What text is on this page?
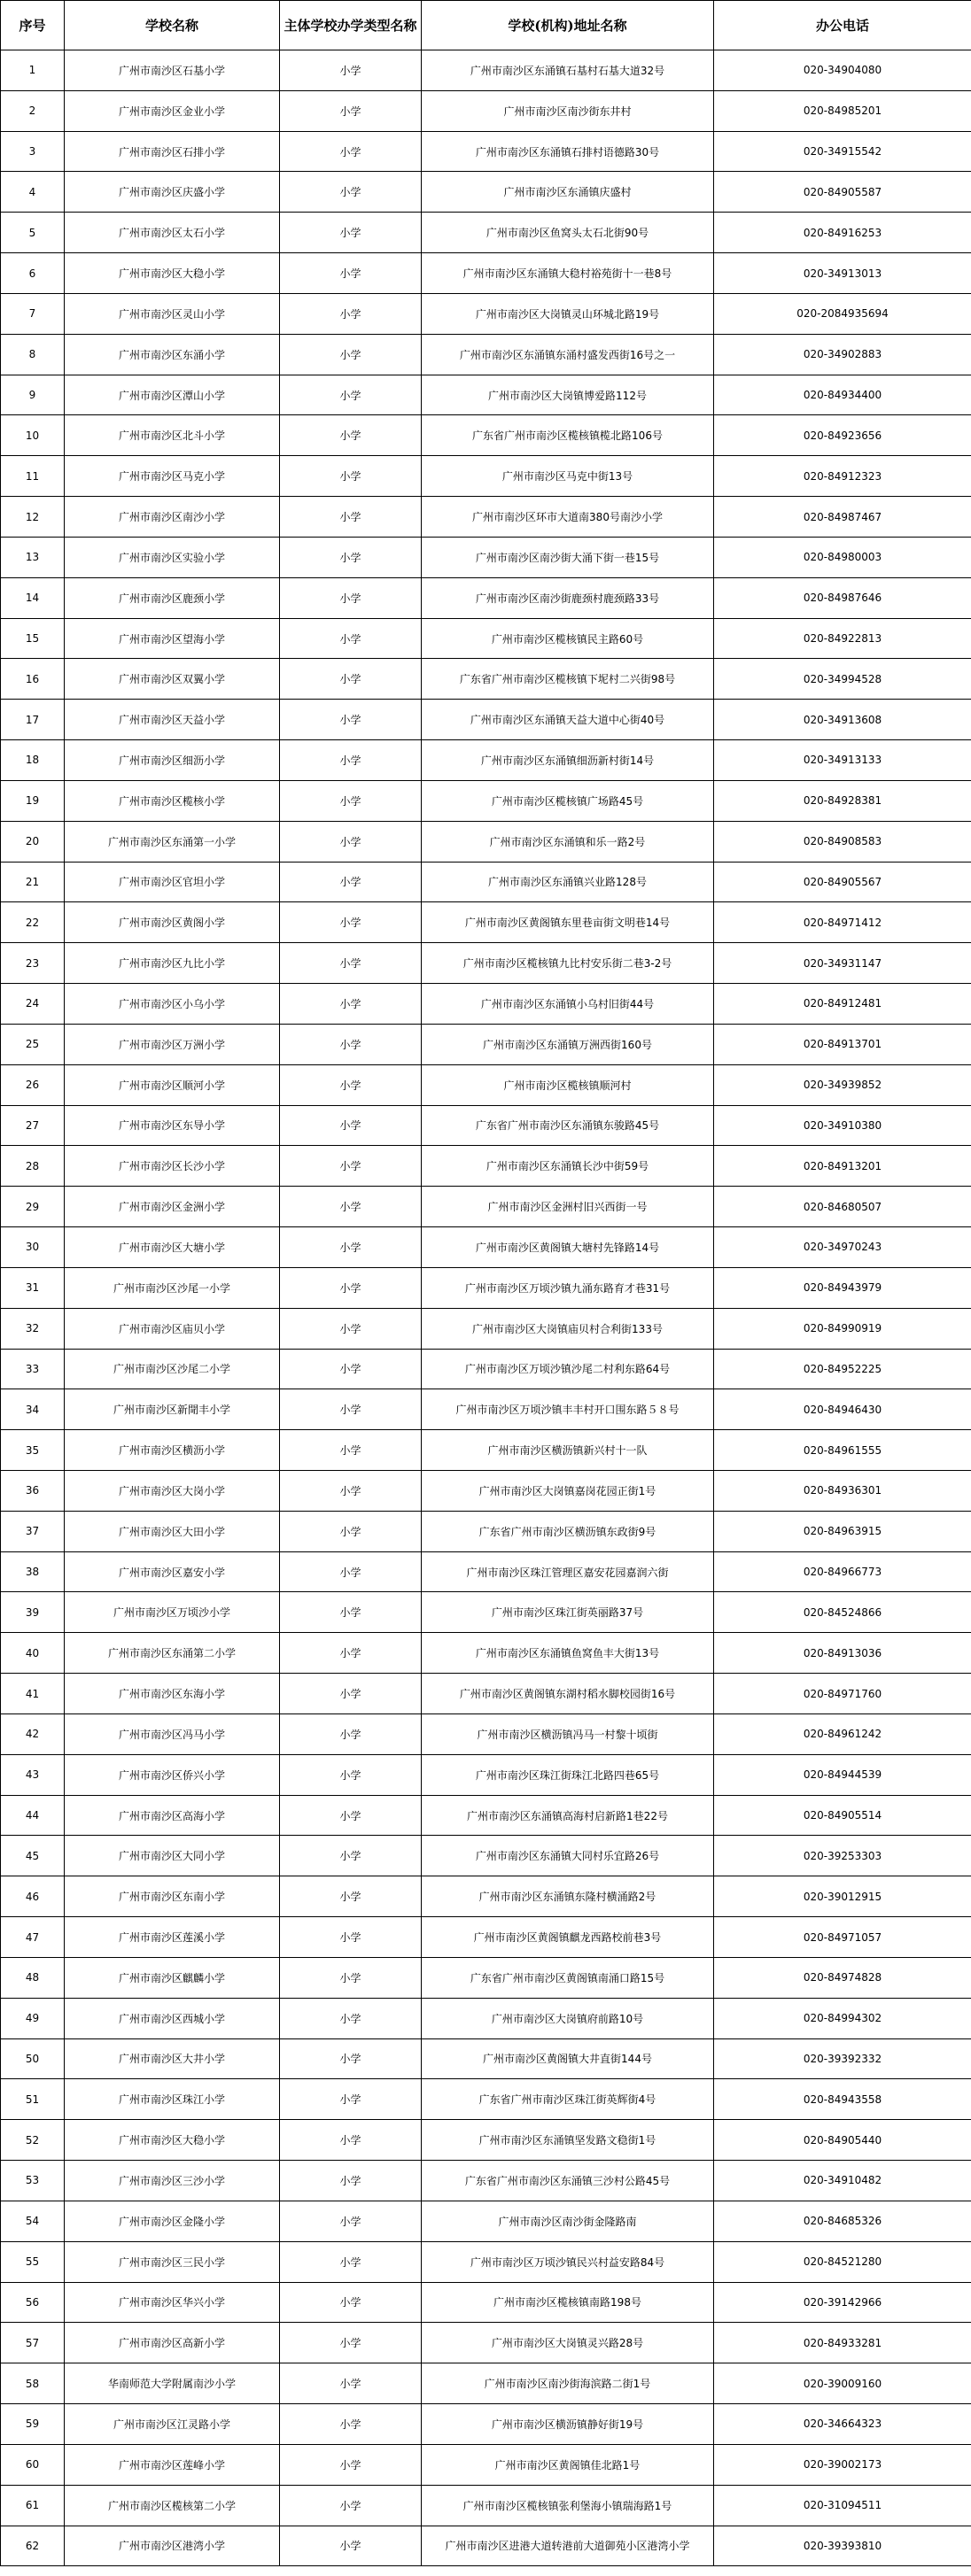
序号	学校名称	主体学校办学类型名称	学校(机构)地址名称	办公电话
1	广州市南沙区石基小学	小学	广州市南沙区东涌镇石基村石基大道32号	020-34904080
2	广州市南沙区金业小学	小学	广州市南沙区南沙街东井村	020-84985201
3	广州市南沙区石排小学	小学	广州市南沙区东涌镇石排村语德路30号	020-34915542
4	广州市南沙区庆盛小学	小学	广州市南沙区东涌镇庆盛村	020-84905587
5	广州市南沙区太石小学	小学	广州市南沙区鱼窝头太石北街90号	020-84916253
6	广州市南沙区大稳小学	小学	广州市南沙区东涌镇大稳村裕苑街十一巷8号	020-34913013
7	广州市南沙区灵山小学	小学	广州市南沙区大岗镇灵山环城北路19号	020-2084935694
8	广州市南沙区东涌小学	小学	广州市南沙区东涌镇东涌村盛发西街16号之一	020-34902883
9	广州市南沙区潭山小学	小学	广州市南沙区大岗镇博爱路112号	020-84934400
10	广州市南沙区北斗小学	小学	广东省广州市南沙区榄核镇榄北路106号	020-84923656
11	广州市南沙区马克小学	小学	广州市南沙区马克中街13号	020-84912323
12	广州市南沙区南沙小学	小学	广州市南沙区环市大道南380号南沙小学	020-84987467
13	广州市南沙区实验小学	小学	广州市南沙区南沙街大涌下街一巷15号	020-84980003
14	广州市南沙区鹿颈小学	小学	广州市南沙区南沙街鹿颈村鹿颈路33号	020-84987646
15	广州市南沙区望海小学	小学	广州市南沙区榄核镇民主路60号	020-84922813
16	广州市南沙区双翼小学	小学	广东省广州市南沙区榄核镇下坭村二兴街98号	020-34994528
17	广州市南沙区天益小学	小学	广州市南沙区东涌镇天益大道中心街40号	020-34913608
18	广州市南沙区细沥小学	小学	广州市南沙区东涌镇细沥新村街14号	020-34913133
19	广州市南沙区榄核小学	小学	广州市南沙区榄核镇广场路45号	020-84928381
20	广州市南沙区东涌第一小学	小学	广州市南沙区东涌镇和乐一路2号	020-84908583
21	广州市南沙区官坦小学	小学	广州市南沙区东涌镇兴业路128号	020-84905567
22	广州市南沙区黄阁小学	小学	广州市南沙区黄阁镇东里巷亩街文明巷14号	020-84971412
23	广州市南沙区九比小学	小学	广州市南沙区榄核镇九比村安乐街二巷3-2号	020-34931147
24	广州市南沙区小乌小学	小学	广州市南沙区东涌镇小乌村旧街44号	020-84912481
25	广州市南沙区万洲小学	小学	广州市南沙区东涌镇万洲西街160号	020-84913701
26	广州市南沙区顺河小学	小学	广州市南沙区榄核镇顺河村	020-34939852
27	广州市南沙区东导小学	小学	广东省广州市南沙区东涌镇东骏路45号	020-34910380
28	广州市南沙区长沙小学	小学	广州市南沙区东涌镇长沙中街59号	020-84913201
29	广州市南沙区金洲小学	小学	广州市南沙区金洲村旧兴西街一号	020-84680507
30	广州市南沙区大塘小学	小学	广州市南沙区黄阁镇大塘村先锋路14号	020-34970243
31	广州市南沙区沙尾一小学	小学	广州市南沙区万顷沙镇九涌东路育才巷31号	020-84943979
32	广州市南沙区庙贝小学	小学	广州市南沙区大岗镇庙贝村合利街133号	020-84990919
33	广州市南沙区沙尾二小学	小学	广州市南沙区万顷沙镇沙尾二村利东路64号	020-84952225
34	广州市南沙区新閜丰小学	小学	广州市南沙区万顷沙镇丰丰村开口围东路５８号	020-84946430
35	广州市南沙区横沥小学	小学	广州市南沙区横沥镇新兴村十一队	020-84961555
36	广州市南沙区大岗小学	小学	广州市南沙区大岗镇嘉岗花园正街1号	020-84936301
37	广州市南沙区大田小学	小学	广东省广州市南沙区横沥镇东政街9号	020-84963915
38	广州市南沙区嘉安小学	小学	广州市南沙区珠江管理区嘉安花园嘉润六街	020-84966773
39	广州市南沙区万顷沙小学	小学	广州市南沙区珠江街英丽路37号	020-84524866
40	广州市南沙区东涌第二小学	小学	广州市南沙区东涌镇鱼窝鱼丰大街13号	020-84913036
41	广州市南沙区东海小学	小学	广州市南沙区黄阁镇东湖村稻水脚校园街16号	020-84971760
42	广州市南沙区冯马小学	小学	广州市南沙区横沥镇冯马一村黎十顷街	020-84961242
43	广州市南沙区侨兴小学	小学	广州市南沙区珠江街珠江北路四巷65号	020-84944539
44	广州市南沙区高海小学	小学	广州市南沙区东涌镇高海村启新路1巷22号	020-84905514
45	广州市南沙区大同小学	小学	广州市南沙区东涌镇大同村乐宜路26号	020-39253303
46	广州市南沙区东南小学	小学	广州市南沙区东涌镇东隆村横涌路2号	020-39012915
47	广州市南沙区莲溪小学	小学	广州市南沙区黄阁镇麒龙西路校前巷3号	020-84971057
48	广州市南沙区麒麟小学	小学	广东省广州市南沙区黄阁镇南涌口路15号	020-84974828
49	广州市南沙区西城小学	小学	广州市南沙区大岗镇府前路10号	020-84994302
50	广州市南沙区大井小学	小学	广州市南沙区黄阁镇大井直街144号	020-39392332
51	广州市南沙区珠江小学	小学	广东省广州市南沙区珠江街英辉街4号	020-84943558
52	广州市南沙区大稳小学	小学	广州市南沙区东涌镇坚发路文稳街1号	020-84905440
53	广州市南沙区三沙小学	小学	广东省广州市南沙区东涌镇三沙村公路45号	020-34910482
54	广州市南沙区金隆小学	小学	广州市南沙区南沙街金隆路南	020-84685326
55	广州市南沙区三民小学	小学	广州市南沙区万顷沙镇民兴村益安路84号	020-84521280
56	广州市南沙区华兴小学	小学	广州市南沙区榄核镇南路198号	020-39142966
57	广州市南沙区高新小学	小学	广州市南沙区大岗镇灵兴路28号	020-84933281
58	华南师范大学附属南沙小学	小学	广州市南沙区南沙街海滨路二街1号	020-39009160
59	广州市南沙区江灵路小学	小学	广州市南沙区横沥镇静好街19号	020-34664323
60	广州市南沙区莲峰小学	小学	广州市南沙区黄阁镇佳北路1号	020-39002173
61	广州市南沙区榄核第二小学	小学	广州市南沙区榄核镇张利堡海小镇瑞海路1号	020-31094511
62	广州市南沙区港湾小学	小学	广州市南沙区进港大道转港前大道御苑小区港湾小学	020-39393810
